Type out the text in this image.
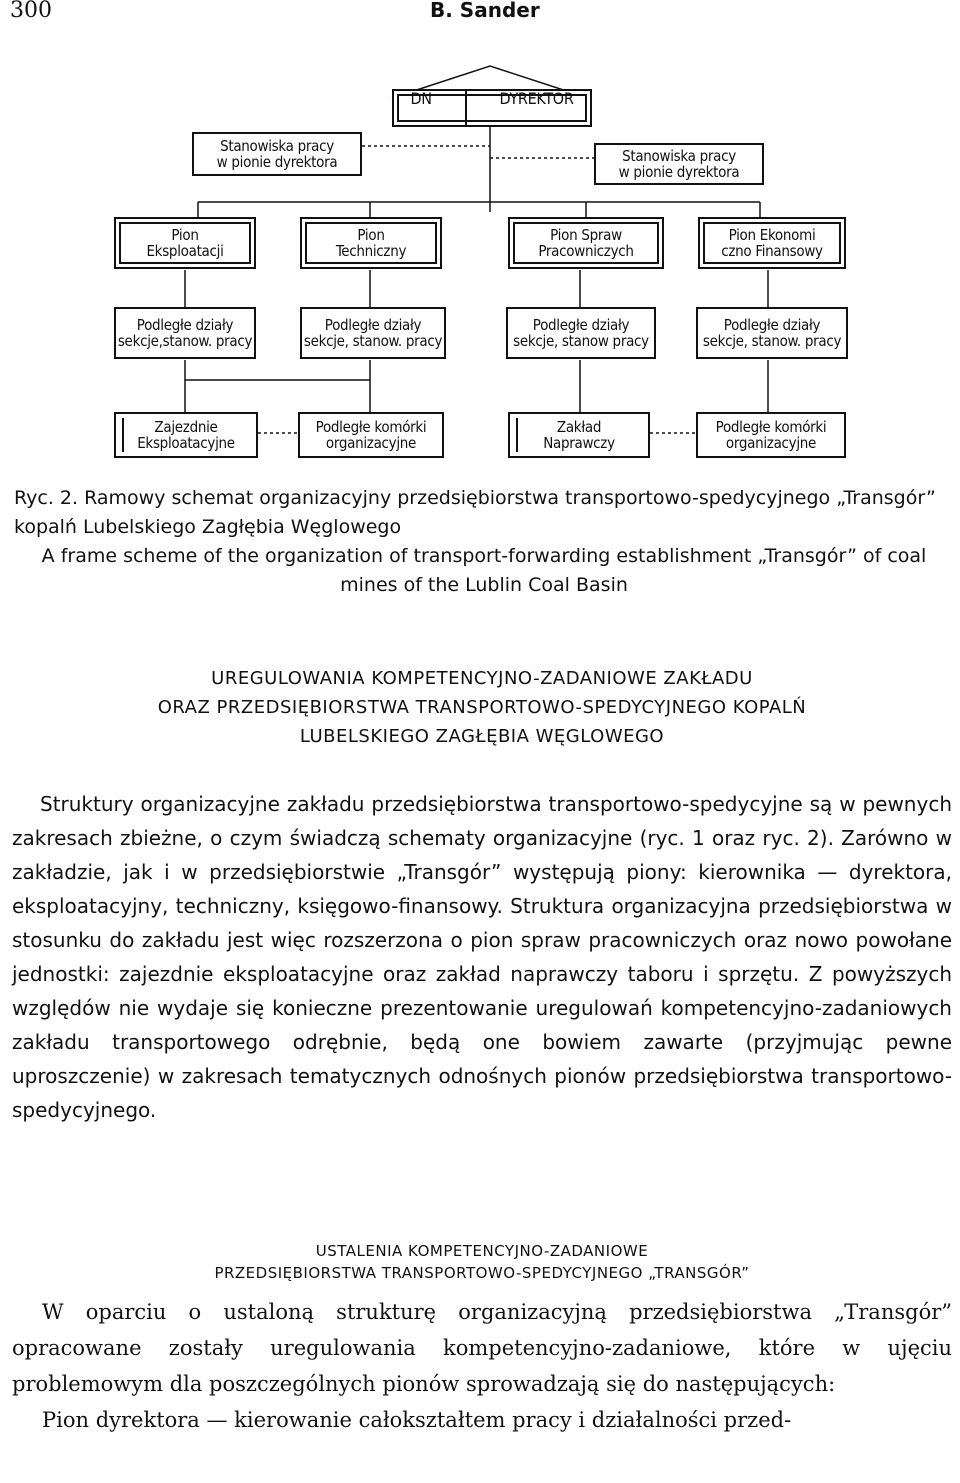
300	B. Sander
DN	DYREKTOR
Stanowiska pracy
w pionie dyrektora	Stanowiska pracy
w pionie dyrektora
Pion
Eksploatacji
Pion
Techniczny
Pion Spraw
Pracowniczych
Pion Ekonomi
czno Finansowy
Podległe działy
sekcje,stanow. pracy
Podległe działy
sekcje, stanow. pracy
Podległe działy
sekcje, stanow pracy
Podległe działy
sekcje, stanow. pracy
Zajezdnie
Eksploatacyjne
Podległe komórki
organizacyjne
Zakład
Naprawczy
Podległe komórki
organizacyjne

Ryc. 2. Ramowy schemat organizacyjny przedsiębiorstwa transportowo-spedycyjnego „Transgór” kopalń Lubelskiego Zagłębia Węglowego

A frame scheme of the organization of transport-forwarding establishment „Transgór” of coal mines of the Lublin Coal Basin

UREGULOWANIA KOMPETENCYJNO-ZADANIOWE ZAKŁADU

ORAZ PRZEDSIĘBIORSTWA TRANSPORTOWO-SPEDYCYJNEGO KOPALŃ

LUBELSKIEGO ZAGŁĘBIA WĘGLOWEGO

Struktury organizacyjne zakładu przedsiębiorstwa transportowo-spedycyjne są w pewnych zakresach zbieżne, o czym świadczą schematy organizacyjne (ryc. 1 oraz ryc. 2). Zarówno w zakładzie, jak i w przedsiębiorstwie „Transgór” występują piony: kierownika — dyrektora, eksploatacyjny, techniczny, księgowo-finansowy. Struktura organizacyjna przedsiębiorstwa w stosunku do zakładu jest więc rozszerzona o pion spraw pracowniczych oraz nowo powołane jednostki: zajezdnie eksploatacyjne oraz zakład naprawczy taboru i sprzętu. Z powyższych względów nie wydaje się konieczne prezentowanie uregulowań kompetencyjno-zadaniowych zakładu transportowego odrębnie, będą one bowiem zawarte (przyjmując pewne uproszczenie) w zakresach tematycznych odnośnych pionów przedsiębiorstwa transportowo-spedycyjnego.

USTALENIA KOMPETENCYJNO-ZADANIOWE

PRZEDSIĘBIORSTWA TRANSPORTOWO-SPEDYCYJNEGO „TRANSGÓR”

W oparciu o ustaloną strukturę organizacyjną przedsiębiorstwa „Transgór” opracowane zostały uregulowania kompetencyjno-zadaniowe, które w ujęciu problemowym dla poszczególnych pionów sprowadzają się do następujących:

Pion dyrektora — kierowanie całokształtem pracy i działalności przed-
